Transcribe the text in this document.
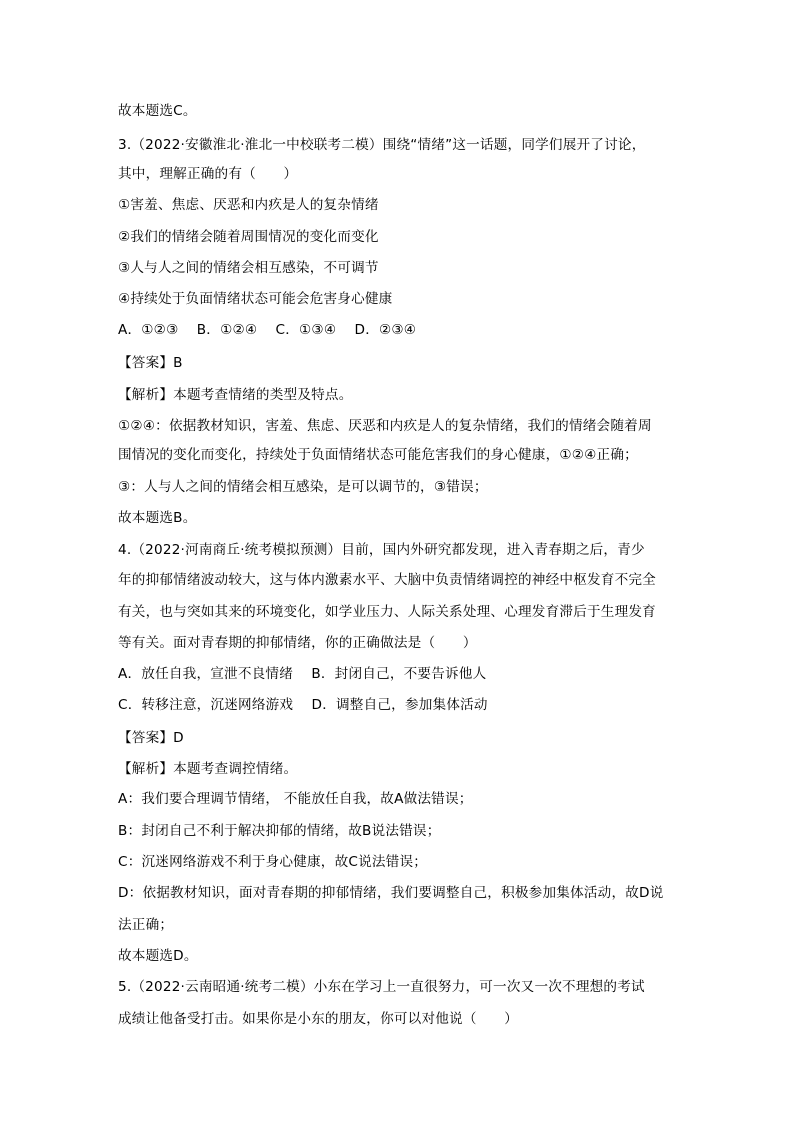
故本题选C。
3.（2022·安徽淮北·淮北一中校联考二模）围绕“情绪”这一话题，同学们展开了讨论，
其中，理解正确的有（　　）
①害羞、焦虑、厌恶和内疚是人的复杂情绪
②我们的情绪会随着周围情况的变化而变化
③人与人之间的情绪会相互感染，不可调节
④持续处于负面情绪状态可能会危害身心健康
A．①②③　 B．①②④　 C．①③④　 D．②③④
【答案】B
【解析】本题考查情绪的类型及特点。
①②④：依据教材知识，害羞、焦虑、厌恶和内疚是人的复杂情绪，我们的情绪会随着周
围情况的变化而变化，持续处于负面情绪状态可能危害我们的身心健康，①②④正确；
③：人与人之间的情绪会相互感染，是可以调节的，③错误；
故本题选B。
4.（2022·河南商丘·统考模拟预测）目前，国内外研究都发现，进入青春期之后，青少
年的抑郁情绪波动较大，这与体内激素水平、大脑中负责情绪调控的神经中枢发育不完全
有关，也与突如其来的环境变化，如学业压力、人际关系处理、心理发育滞后于生理发育
等有关。面对青春期的抑郁情绪，你的正确做法是（　　）
A．放任自我，宣泄不良情绪　 B．封闭自己，不要告诉他人
C．转移注意，沉迷网络游戏　 D．调整自己，参加集体活动
【答案】D
【解析】本题考查调控情绪。
A：我们要合理调节情绪， 不能放任自我，故A做法错误；
B：封闭自己不利于解决抑郁的情绪，故B说法错误；
C：沉迷网络游戏不利于身心健康，故C说法错误；
D：依据教材知识，面对青春期的抑郁情绪，我们要调整自己，积极参加集体活动，故D说
法正确；
故本题选D。
5.（2022·云南昭通·统考二模）小东在学习上一直很努力，可一次又一次不理想的考试
成绩让他备受打击。如果你是小东的朋友，你可以对他说（　　）
